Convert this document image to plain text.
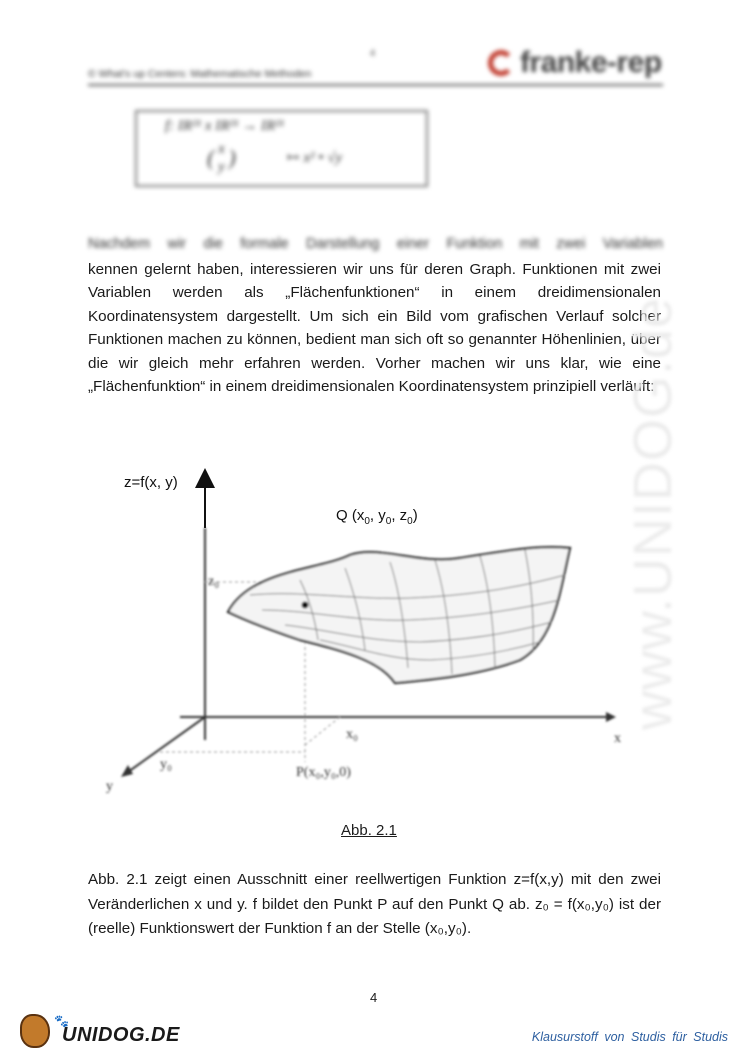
4
© What's up Centers: Mathematische Methoden	franke-rep
f: IR²¹ x IR²¹ → IR²¹
( x
y )	↦ x² • √y
Nachdem wir die formale Darstellung einer Funktion mit zwei Variablen

kennen gelernt haben, interessieren wir uns für deren Graph. Funktionen mit zwei Variablen werden als „Flächenfunktionen“ in einem dreidimensionalen Koordinatensystem dargestellt. Um sich ein Bild vom grafischen Verlauf solcher Funktionen machen zu können, bedient man sich oft so genannter Höhenlinien, über die wir gleich mehr erfahren werden. Vorher machen wir uns klar, wie eine „Flächenfunktion“ in einem dreidimensionalen Koordinatensystem prinzipiell verläuft:

www.UNIDOG.de
z₀
x₀
y₀
x
y
P(x₀,y₀,0)
z=f(x, y)
Q ($x_0$, $y_0$, $z_0$)
Abb. 2.1

Abb. 2.1 zeigt einen Ausschnitt einer reellwertigen Funktion z=f(x,y) mit den zwei Veränderlichen x und y. f bildet den Punkt P auf den Punkt Q ab. z₀ = f(x₀,y₀) ist der (reelle) Funktionswert der Funktion f an der Stelle (x₀,y₀).

4
🐾
UNIDOG.DE	Klausurstoff von Studis für Studis
